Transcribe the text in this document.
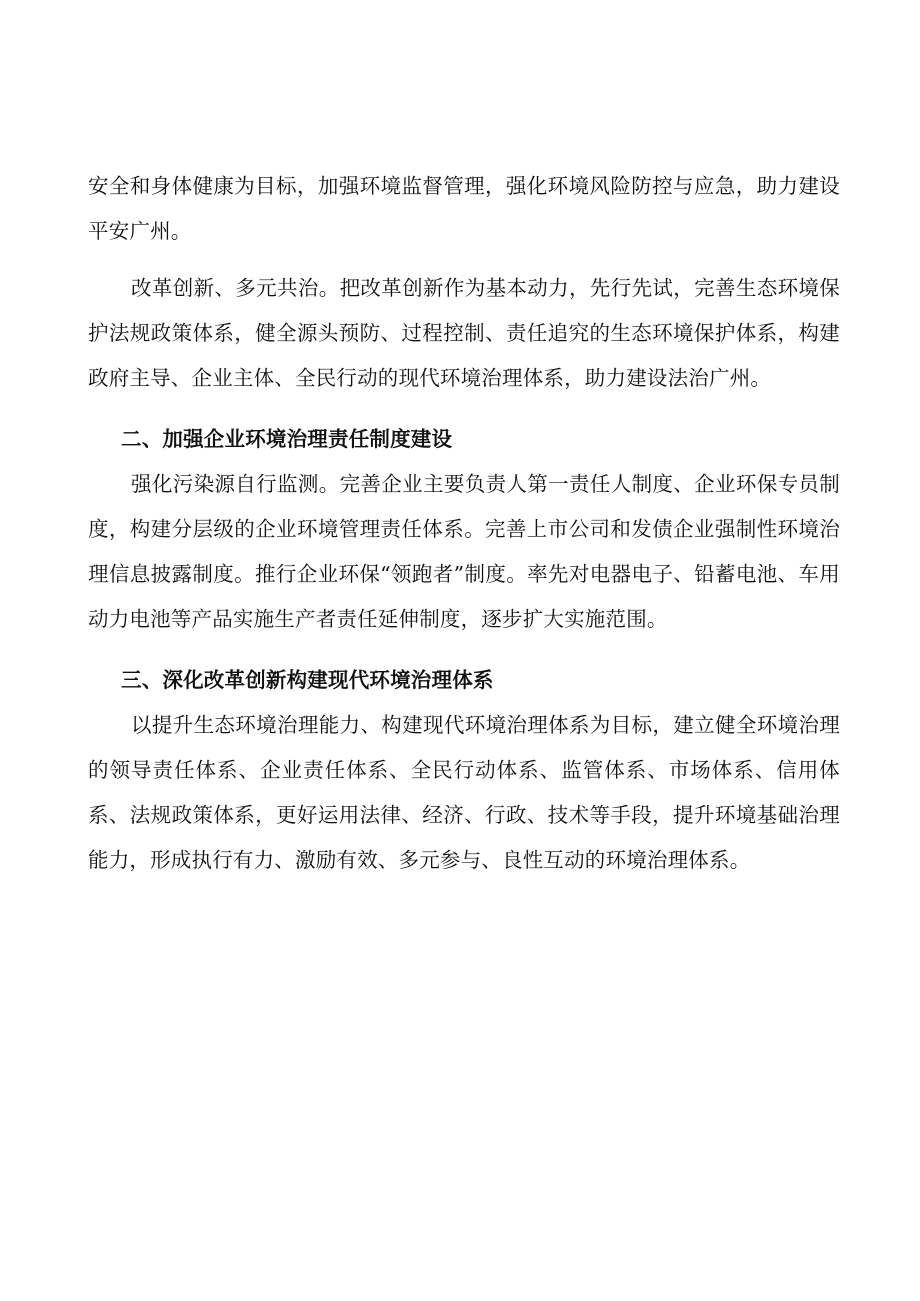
安全和身体健康为目标，加强环境监督管理，强化环境风险防控与应急，助力建设平安广州。

改革创新、多元共治。把改革创新作为基本动力，先行先试，完善生态环境保护法规政策体系，健全源头预防、过程控制、责任追究的生态环境保护体系，构建政府主导、企业主体、全民行动的现代环境治理体系，助力建设法治广州。

二、加强企业环境治理责任制度建设

强化污染源自行监测。完善企业主要负责人第一责任人制度、企业环保专员制度，构建分层级的企业环境管理责任体系。完善上市公司和发债企业强制性环境治理信息披露制度。推行企业环保“领跑者”制度。率先对电器电子、铅蓄电池、车用动力电池等产品实施生产者责任延伸制度，逐步扩大实施范围。

三、深化改革创新构建现代环境治理体系

以提升生态环境治理能力、构建现代环境治理体系为目标，建立健全环境治理的领导责任体系、企业责任体系、全民行动体系、监管体系、市场体系、信用体系、法规政策体系，更好运用法律、经济、行政、技术等手段，提升环境基础治理能力，形成执行有力、激励有效、多元参与、良性互动的环境治理体系。
